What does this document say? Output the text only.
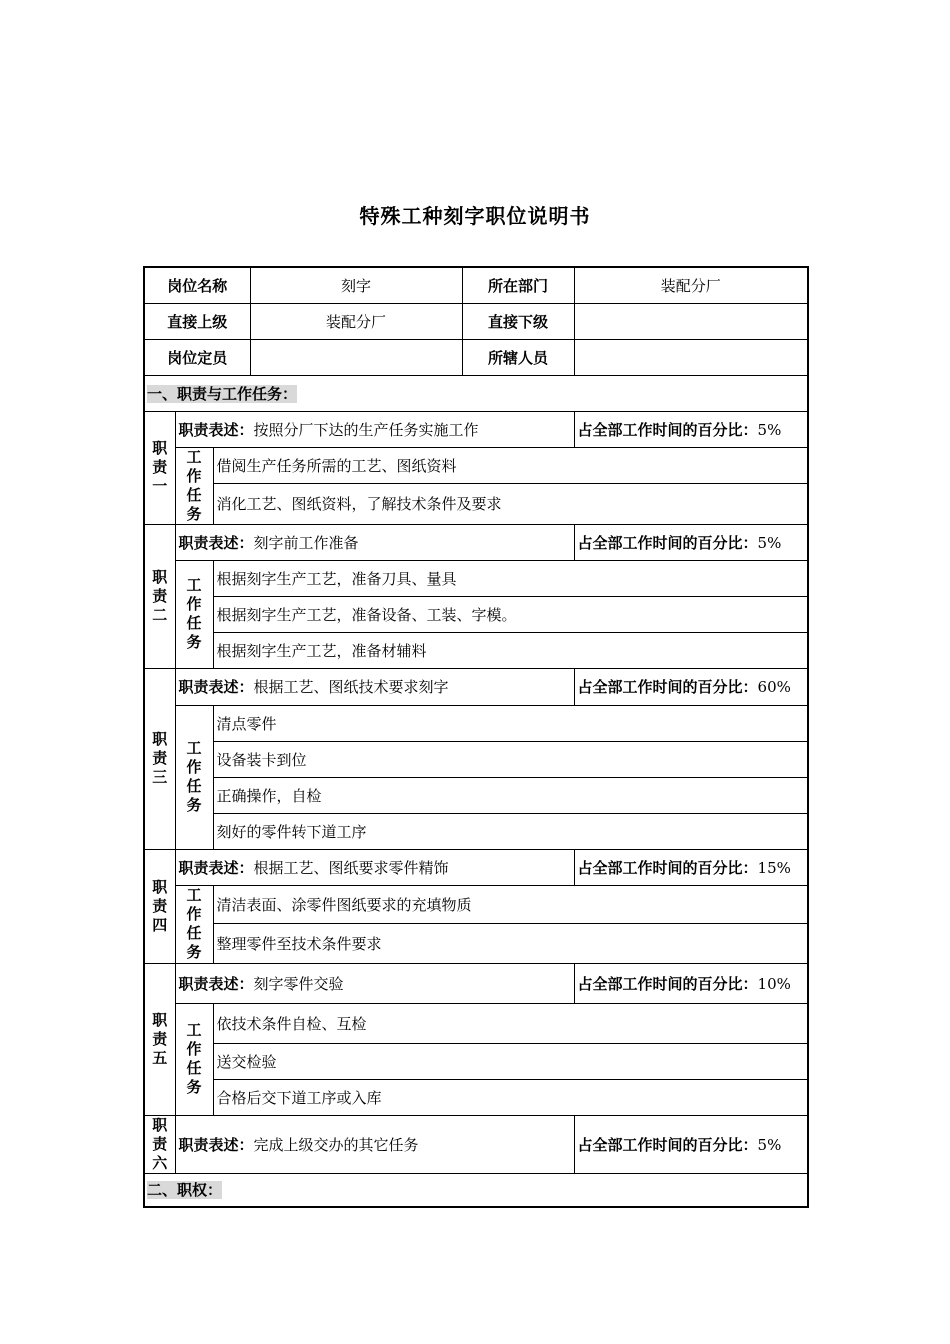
特殊工种刻字职位说明书
岗位名称			刻字	所在部门	装配分厂
直接上级			装配分厂	直接下级	
岗位定员				所辖人员	
一、职责与工作任务：					

职
责
一	职责表述：按照分厂下达的生产任务实施工作				占全部工作时间的百分比：5%

	工
作
任
务	借阅生产任务所需的工艺、图纸资料			
		消化工艺、图纸资料，了解技术条件及要求			

职
责
二	职责表述：刻字前工作准备				占全部工作时间的百分比：5%

	工
作
任
务	根据刻字生产工艺，准备刀具、量具			
		根据刻字生产工艺，准备设备、工装、字模。			
		根据刻字生产工艺，准备材辅料			

职
责
三	职责表述：根据工艺、图纸技术要求刻字				占全部工作时间的百分比：60%

	工
作
任
务	清点零件			
		设备装卡到位			
		正确操作，自检			
		刻好的零件转下道工序			

职
责
四	职责表述：根据工艺、图纸要求零件精饰				占全部工作时间的百分比：15%

	工
作
任
务	清洁表面、涂零件图纸要求的充填物质			
		整理零件至技术条件要求			

职
责
五	职责表述：刻字零件交验				占全部工作时间的百分比：10%

	工
作
任
务	依技术条件自检、互检			
		送交检验			
		合格后交下道工序或入库			

职
责
六	职责表述：完成上级交办的其它任务				占全部工作时间的百分比：5%
二、职权：					
